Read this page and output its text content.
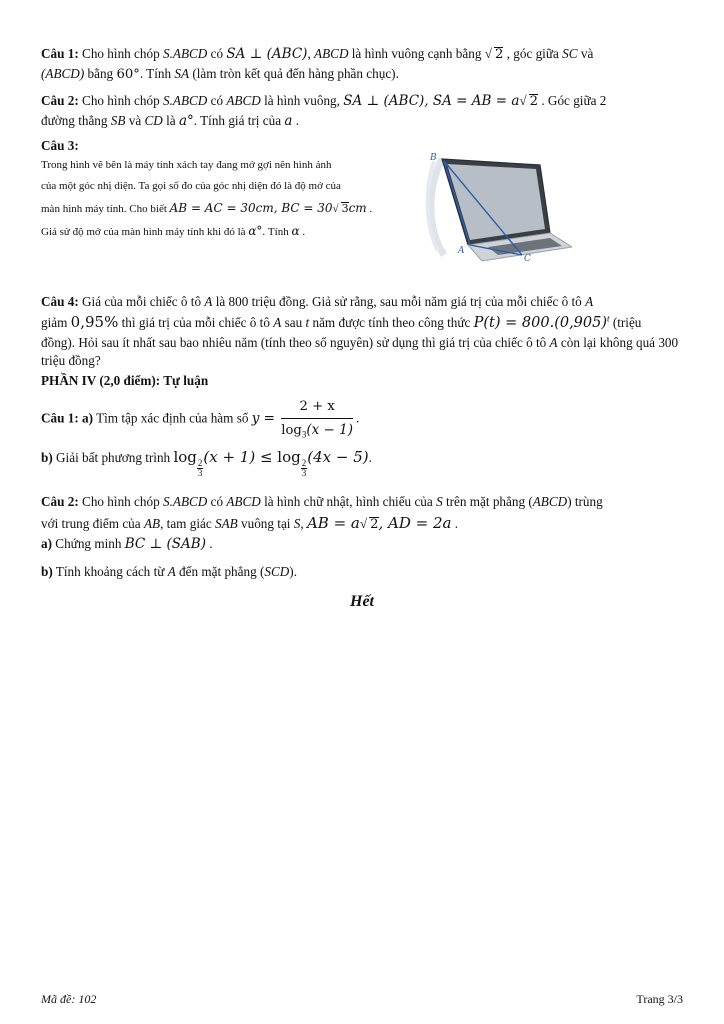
Câu 1: Cho hình chóp S.ABCD có SA ⊥ (ABC), ABCD là hình vuông cạnh bằng √ 2 , góc giữa SC và
(ABCD) bằng 60°. Tính SA (làm tròn kết quả đến hàng phần chục).

Câu 2: Cho hình chóp S.ABCD có ABCD là hình vuông, SA ⊥ (ABC), SA = AB = a√ 2 . Góc giữa 2
đường thẳng SB và CD là a°. Tính giá trị của a .

Câu 3:
Trong hình vẽ bên là máy tính xách tay đang mở gợi nên hình ảnh
của một góc nhị diện. Ta gọi số đo của góc nhị diện đó là độ mở của
màn hình máy tính. Cho biết AB = AC = 30cm, BC = 30√ 3cm .
Giả sử độ mở của màn hình máy tính khi đó là α°. Tính α .
B
A
C

Câu 4: Giá của mỗi chiếc ô tô A là 800 triệu đồng. Giả sử rằng, sau mỗi năm giá trị của mỗi chiếc ô tô A
giảm 0,95% thì giá trị của mỗi chiếc ô tô A sau t năm được tính theo công thức $P(t) = 800.(0,905)^t$ (triệu
đồng). Hỏi sau ít nhất sau bao nhiêu năm (tính theo số nguyên) sử dụng thì giá trị của chiếc ô tô A còn lại không quá 300 triệu đồng?

PHẦN IV (2,0 điểm): Tự luận
Câu 1: a) Tìm tập xác định của hàm số $y = \frac{2 + x}{\log_3(x - 1)}$ .
b) Giải bất phương trình log
$\frac{2}{3}$
(x + 1) ≤ log
$\frac{2}{3}$
(4x − 5).
Câu 2: Cho hình chóp S.ABCD có ABCD là hình chữ nhật, hình chiếu của S trên mặt phẳng (ABCD) trùng
với trung điểm của AB, tam giác SAB vuông tại S, AB = a√ 2, AD = 2a .
a) Chứng minh BC ⊥ (SAB) .
b) Tính khoảng cách từ A đến mặt phẳng (SCD).
Hết
Mã đề: 102	Trang 3/3
